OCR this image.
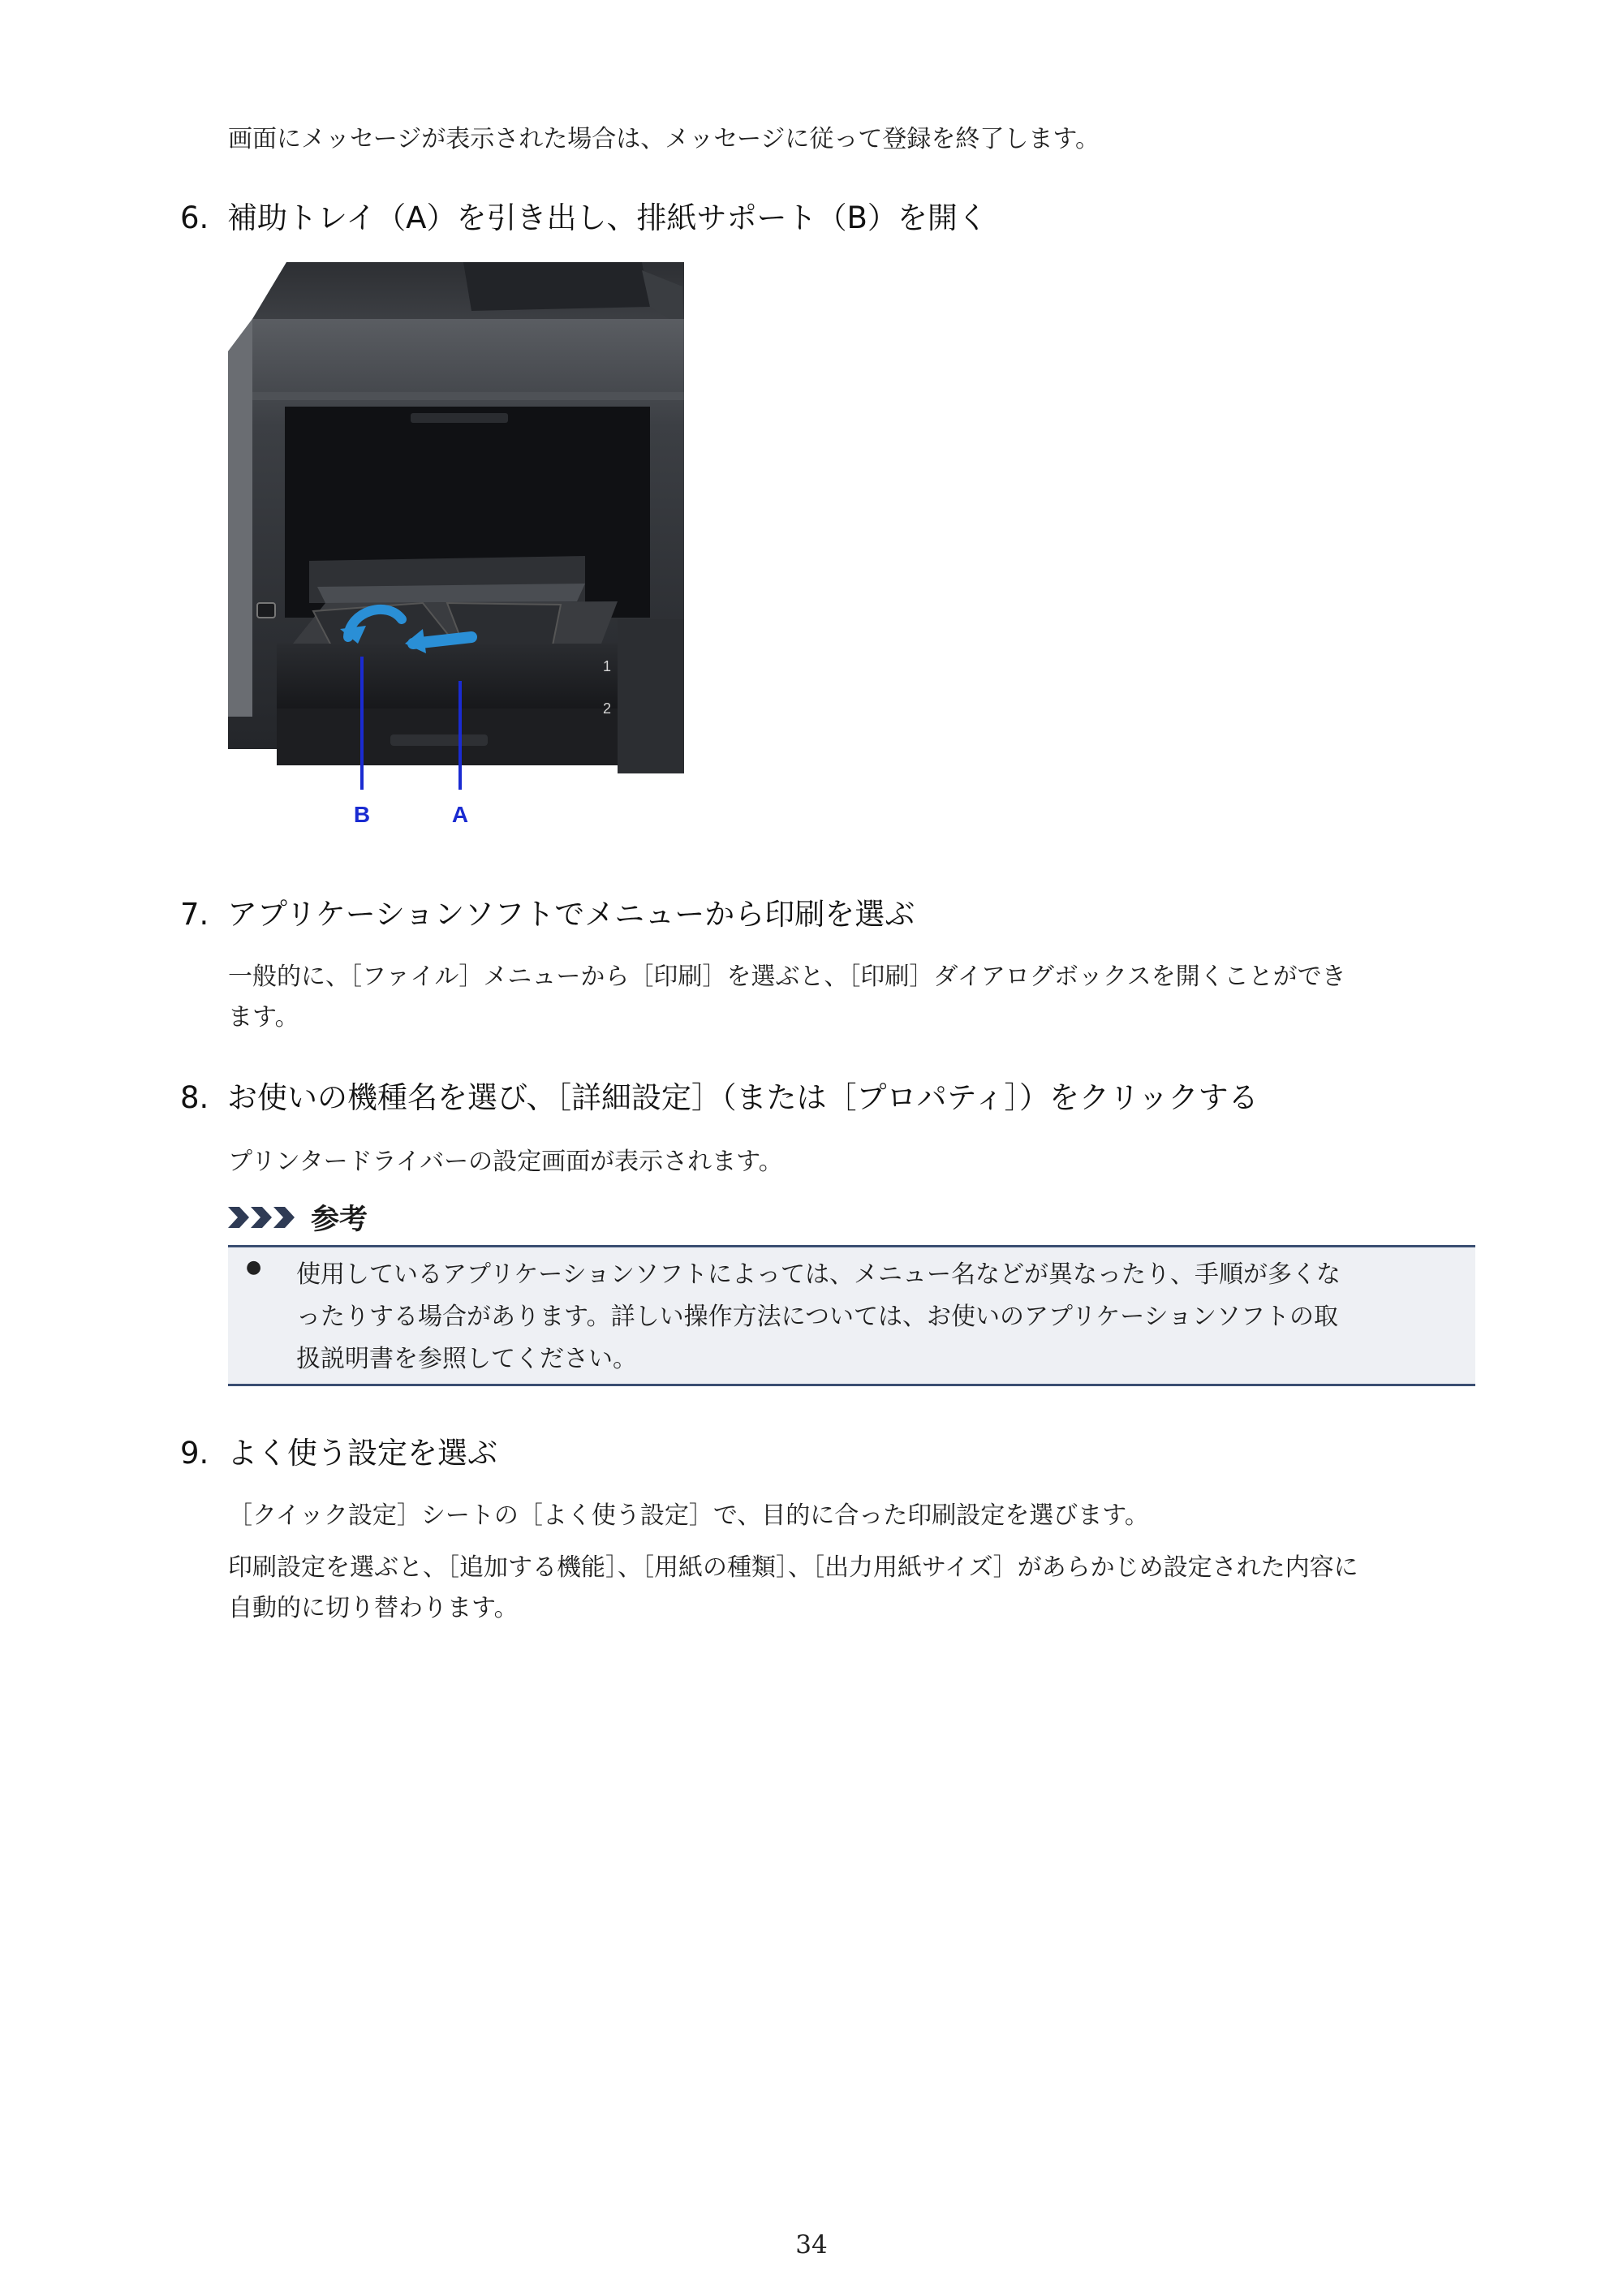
画面にメッセージが表示された場合は、メッセージに従って登録を終了します。
6. 補助トレイ（A）を引き出し、排紙サポート（B）を開く
1
2
B	A
7. アプリケーションソフトでメニューから印刷を選ぶ
一般的に、［ファイル］メニューから［印刷］を選ぶと、［印刷］ダイアログボックスを開くことができ
ます。
8. お使いの機種名を選び、［詳細設定］（または［プロパティ］）をクリックする
プリンタードライバーの設定画面が表示されます。
参考
● 使用しているアプリケーションソフトによっては、メニュー名などが異なったり、手順が多くな
ったりする場合があります。詳しい操作方法については、お使いのアプリケーションソフトの取
扱説明書を参照してください。
9. よく使う設定を選ぶ
［クイック設定］シートの［よく使う設定］で、目的に合った印刷設定を選びます。
印刷設定を選ぶと、［追加する機能］、［用紙の種類］、［出力用紙サイズ］があらかじめ設定された内容に
自動的に切り替わります。
34
